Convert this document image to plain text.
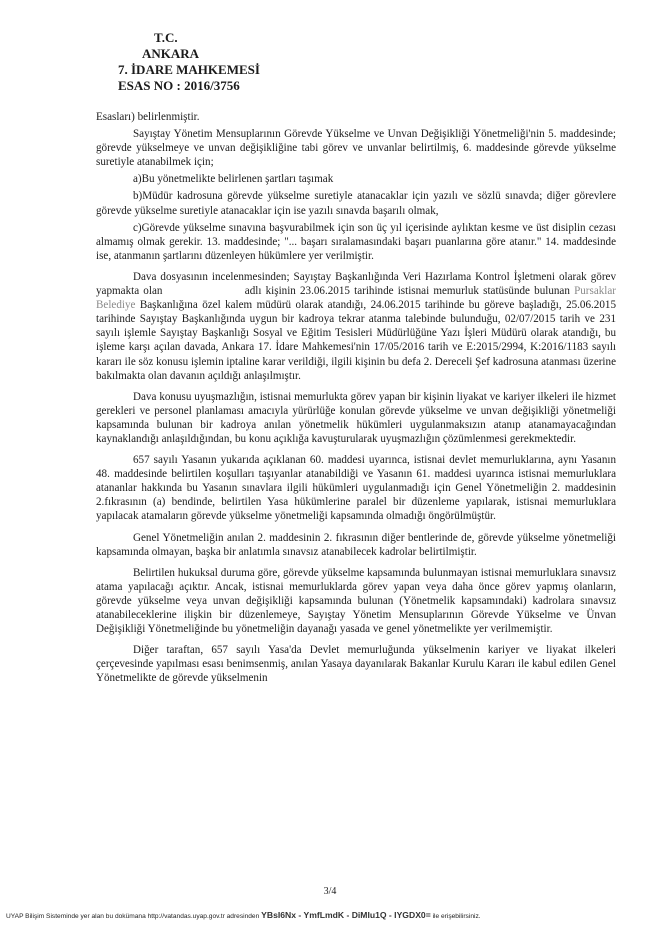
T.C.
ANKARA
7. İDARE MAHKEMESİ
ESAS NO : 2016/3756

Esasları) belirlenmiştir.

Sayıştay Yönetim Mensuplarının Görevde Yükselme ve Unvan Değişikliği Yönetmeliği'nin 5. maddesinde; görevde yükselmeye ve unvan değişikliğine tabi görev ve unvanlar belirtilmiş, 6. maddesinde görevde yükselme suretiyle atanabilmek için;

a)Bu yönetmelikte belirlenen şartları taşımak

b)Müdür kadrosuna görevde yükselme suretiyle atanacaklar için yazılı ve sözlü sınavda; diğer görevlere görevde yükselme suretiyle atanacaklar için ise yazılı sınavda başarılı olmak,

c)Görevde yükselme sınavına başvurabilmek için son üç yıl içerisinde aylıktan kesme ve üst disiplin cezası almamış olmak gerekir. 13. maddesinde; "... başarı sıralamasındaki başarı puanlarına göre atanır." 14. maddesinde ise, atanmanın şartlarını düzenleyen hükümlere yer verilmiştir.

Dava dosyasının incelenmesinden; Sayıştay Başkanlığında Veri Hazırlama Kontrol İşletmeni olarak görev yapmakta olan	adlı kişinin 23.06.2015 tarihinde istisnai memurluk statüsünde bulunan Pursaklar Belediye Başkanlığına özel kalem müdürü olarak atandığı, 24.06.2015 tarihinde bu göreve başladığı, 25.06.2015 tarihinde Sayıştay Başkanlığında uygun bir kadroya tekrar atanma talebinde bulunduğu, 02/07/2015 tarih ve 231 sayılı işlemle Sayıştay Başkanlığı Sosyal ve Eğitim Tesisleri Müdürlüğüne Yazı İşleri Müdürü olarak atandığı, bu işleme karşı açılan davada, Ankara 17. İdare Mahkemesi'nin 17/05/2016 tarih ve E:2015/2994, K:2016/1183 sayılı kararı ile söz konusu işlemin iptaline karar verildiği, ilgili kişinin bu defa 2. Dereceli Şef kadrosuna atanması üzerine bakılmakta olan davanın açıldığı anlaşılmıştır.

Dava konusu uyuşmazlığın, istisnai memurlukta görev yapan bir kişinin liyakat ve kariyer ilkeleri ile hizmet gerekleri ve personel planlaması amacıyla yürürlüğe konulan görevde yükselme ve unvan değişikliği yönetmeliği kapsamında bulunan bir kadroya anılan yönetmelik hükümleri uygulanmaksızın atanıp atanamayacağından kaynaklandığı anlaşıldığından, bu konu açıklığa kavuşturularak uyuşmazlığın çözümlenmesi gerekmektedir.

657 sayılı Yasanın yukarıda açıklanan 60. maddesi uyarınca, istisnai devlet memurluklarına, aynı Yasanın 48. maddesinde belirtilen koşulları taşıyanlar atanabildiği ve Yasanın 61. maddesi uyarınca istisnai memurluklara atananlar hakkında bu Yasanın sınavlara ilgili hükümleri uygulanmadığı için Genel Yönetmeliğin 2. maddesinin 2.fıkrasının (a) bendinde, belirtilen Yasa hükümlerine paralel bir düzenleme yapılarak, istisnai memurluklara yapılacak atamaların görevde yükselme yönetmeliği kapsamında olmadığı öngörülmüştür.

Genel Yönetmeliğin anılan 2. maddesinin 2. fıkrasının diğer bentlerinde de, görevde yükselme yönetmeliği kapsamında olmayan, başka bir anlatımla sınavsız atanabilecek kadrolar belirtilmiştir.

Belirtilen hukuksal duruma göre, görevde yükselme kapsamında bulunmayan istisnai memurluklara sınavsız atama yapılacağı açıktır. Ancak, istisnai memurluklarda görev yapan veya daha önce görev yapmış olanların, görevde yükselme veya unvan değişikliği kapsamında bulunan (Yönetmelik kapsamındaki) kadrolara sınavsız atanabileceklerine ilişkin bir düzenlemeye, Sayıştay Yönetim Mensuplarının Görevde Yükselme ve Ünvan Değişikliği Yönetmeliğinde bu yönetmeliğin dayanağı yasada ve genel yönetmelikte yer verilmemiştir.

Diğer taraftan, 657 sayılı Yasa'da Devlet memurluğunda yükselmenin kariyer ve liyakat ilkeleri çerçevesinde yapılması esası benimsenmiş, anılan Yasaya dayanılarak Bakanlar Kurulu Kararı ile kabul edilen Genel Yönetmelikte de görevde yükselmenin

3/4
UYAP Bilişim Sisteminde yer alan bu dokümana http://vatandas.uyap.gov.tr adresinden YBsI6Nx - YmfLmdK - DiMIu1Q - IYGDX0= ile erişebilirsiniz.
